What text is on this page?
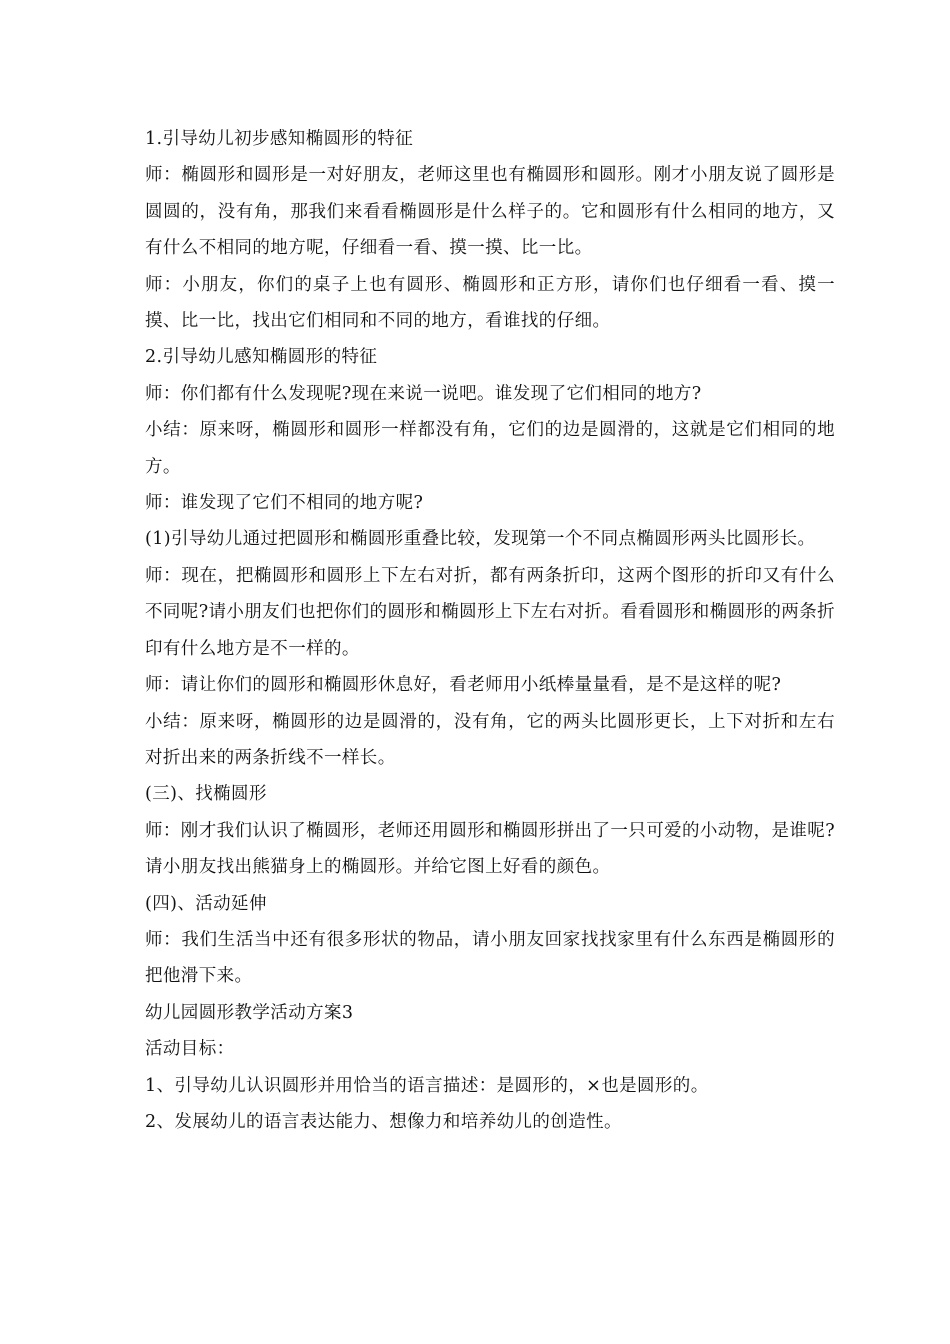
1.引导幼儿初步感知椭圆形的特征

师：椭圆形和圆形是一对好朋友，老师这里也有椭圆形和圆形。刚才小朋友说了圆形是圆圆的，没有角，那我们来看看椭圆形是什么样子的。它和圆形有什么相同的地方，又有什么不相同的地方呢，仔细看一看、摸一摸、比一比。

师：小朋友，你们的桌子上也有圆形、椭圆形和正方形，请你们也仔细看一看、摸一摸、比一比，找出它们相同和不同的地方，看谁找的仔细。

2.引导幼儿感知椭圆形的特征

师：你们都有什么发现呢?现在来说一说吧。谁发现了它们相同的地方?

小结：原来呀，椭圆形和圆形一样都没有角，它们的边是圆滑的，这就是它们相同的地方。

师：谁发现了它们不相同的地方呢?

(1)引导幼儿通过把圆形和椭圆形重叠比较，发现第一个不同点椭圆形两头比圆形长。

师：现在，把椭圆形和圆形上下左右对折，都有两条折印，这两个图形的折印又有什么不同呢?请小朋友们也把你们的圆形和椭圆形上下左右对折。看看圆形和椭圆形的两条折印有什么地方是不一样的。

师：请让你们的圆形和椭圆形休息好，看老师用小纸棒量量看，是不是这样的呢?

小结：原来呀，椭圆形的边是圆滑的，没有角，它的两头比圆形更长，上下对折和左右对折出来的两条折线不一样长。

(三)、找椭圆形

师：刚才我们认识了椭圆形，老师还用圆形和椭圆形拼出了一只可爱的小动物，是谁呢?请小朋友找出熊猫身上的椭圆形。并给它图上好看的颜色。

(四)、活动延伸

师：我们生活当中还有很多形状的物品，请小朋友回家找找家里有什么东西是椭圆形的把他滑下来。

幼儿园圆形教学活动方案3

活动目标：

1、引导幼儿认识圆形并用恰当的语言描述：是圆形的，×也是圆形的。

2、发展幼儿的语言表达能力、想像力和培养幼儿的创造性。
